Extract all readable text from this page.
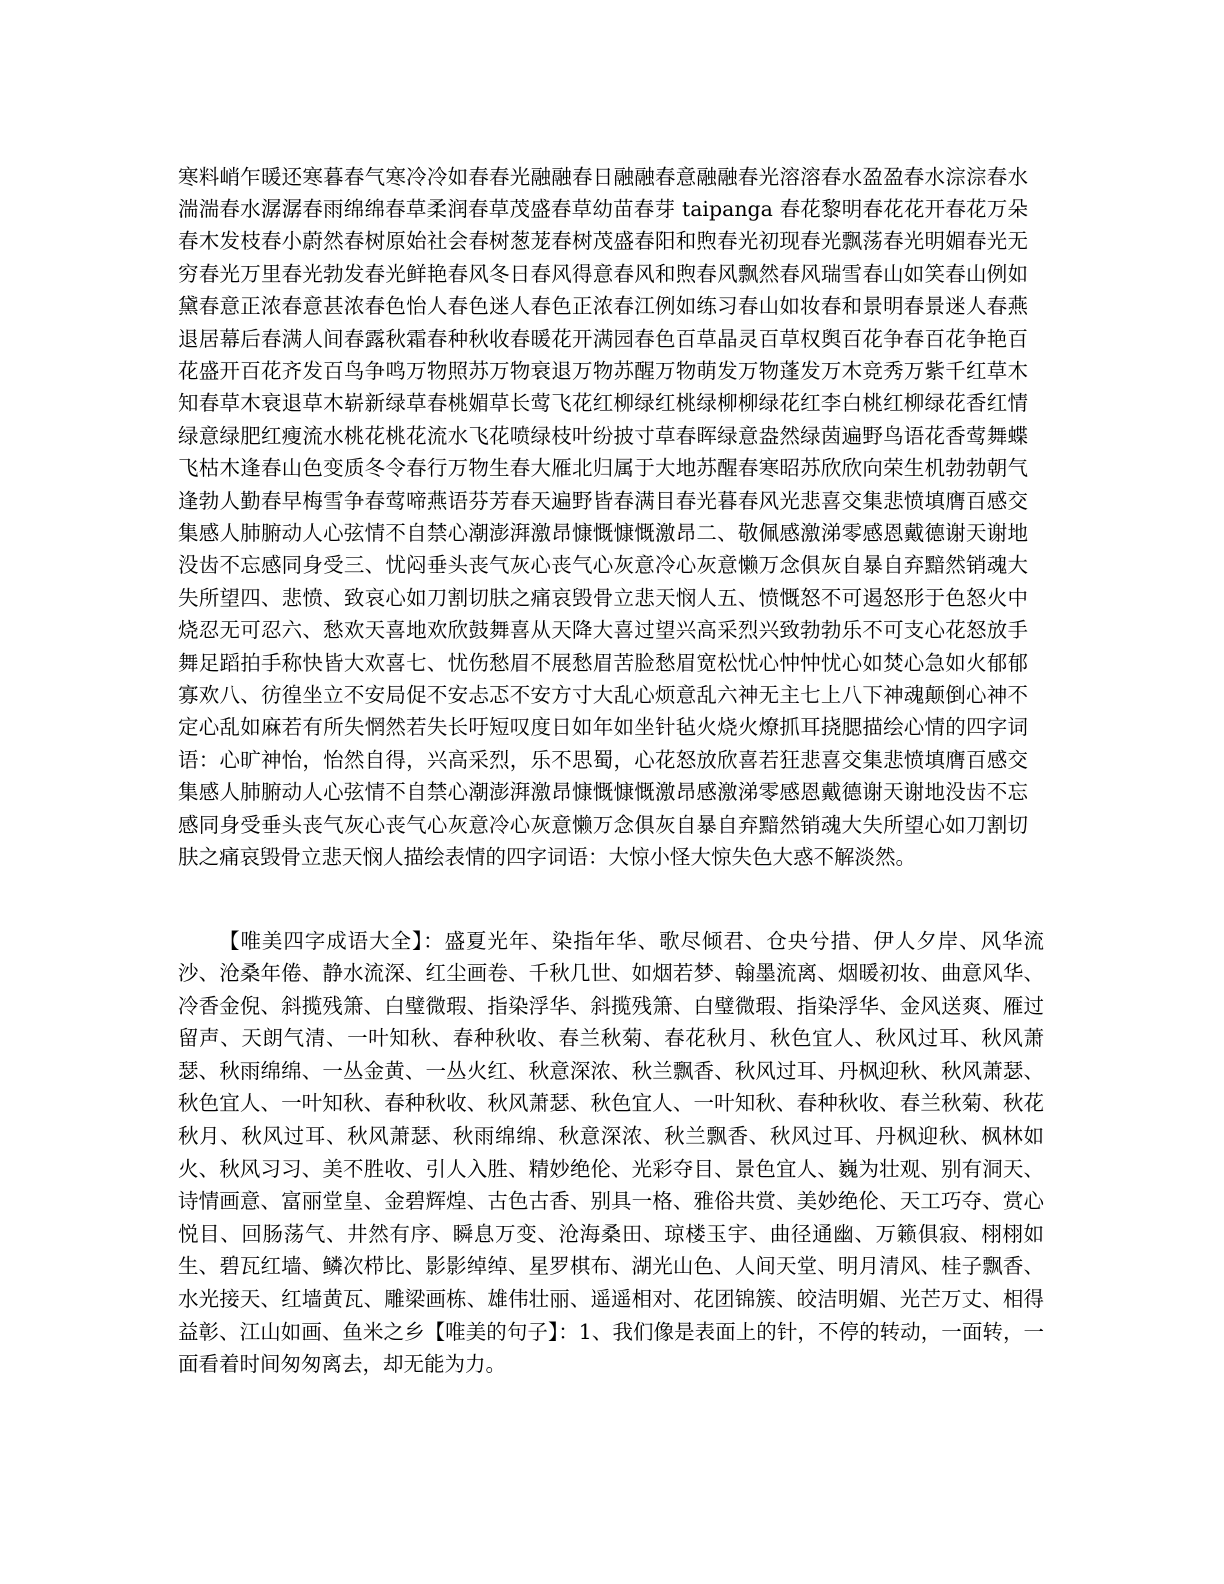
寒料峭乍暖还寒暮春气寒冷冷如春春光融融春日融融春意融融春光溶溶春水盈盈春水淙淙春水湍湍春水潺潺春雨绵绵春草柔润春草茂盛春草幼苗春芽 taipanga 春花黎明春花花开春花万朵春木发枝春小蔚然春树原始社会春树葱茏春树茂盛春阳和煦春光初现春光飘荡春光明媚春光无穷春光万里春光勃发春光鲜艳春风冬日春风得意春风和煦春风飘然春风瑞雪春山如笑春山例如黛春意正浓春意甚浓春色怡人春色迷人春色正浓春江例如练习春山如妆春和景明春景迷人春燕退居幕后春满人间春露秋霜春种秋收春暖花开满园春色百草晶灵百草权舆百花争春百花争艳百花盛开百花齐发百鸟争鸣万物照苏万物衰退万物苏醒万物萌发万物蓬发万木竞秀万紫千红草木知春草木衰退草木崭新绿草春桃媚草长莺飞花红柳绿红桃绿柳柳绿花红李白桃红柳绿花香红情绿意绿肥红瘦流水桃花桃花流水飞花喷绿枝叶纷披寸草春晖绿意盎然绿茵遍野鸟语花香莺舞蝶飞枯木逢春山色变质冬令春行万物生春大雁北归属于大地苏醒春寒昭苏欣欣向荣生机勃勃朝气逢勃人勤春早梅雪争春莺啼燕语芬芳春天遍野皆春满目春光暮春风光悲喜交集悲愤填膺百感交集感人肺腑动人心弦情不自禁心潮澎湃激昂慷慨慷慨激昂二、敬佩感激涕零感恩戴德谢天谢地没齿不忘感同身受三、忧闷垂头丧气灰心丧气心灰意冷心灰意懒万念俱灰自暴自弃黯然销魂大失所望四、悲愤、致哀心如刀割切肤之痛哀毁骨立悲天悯人五、愤慨怒不可遏怒形于色怒火中烧忍无可忍六、愁欢天喜地欢欣鼓舞喜从天降大喜过望兴高采烈兴致勃勃乐不可支心花怒放手舞足蹈拍手称快皆大欢喜七、忧伤愁眉不展愁眉苦脸愁眉宽松忧心忡忡忧心如焚心急如火郁郁寡欢八、彷徨坐立不安局促不安忐忑不安方寸大乱心烦意乱六神无主七上八下神魂颠倒心神不定心乱如麻若有所失惘然若失长吁短叹度日如年如坐针毡火烧火燎抓耳挠腮描绘心情的四字词语：心旷神怡，怡然自得，兴高采烈，乐不思蜀，心花怒放欣喜若狂悲喜交集悲愤填膺百感交集感人肺腑动人心弦情不自禁心潮澎湃激昂慷慨慷慨激昂感激涕零感恩戴德谢天谢地没齿不忘感同身受垂头丧气灰心丧气心灰意冷心灰意懒万念俱灰自暴自弃黯然销魂大失所望心如刀割切肤之痛哀毁骨立悲天悯人描绘表情的四字词语：大惊小怪大惊失色大惑不解淡然。

【唯美四字成语大全】：盛夏光年、染指年华、歌尽倾君、仓央兮措、伊人夕岸、风华流沙、沧桑年倦、静水流深、红尘画卷、千秋几世、如烟若梦、翰墨流离、烟暖初妆、曲意风华、冷香金倪、斜揽残箫、白璧微瑕、指染浮华、斜揽残箫、白璧微瑕、指染浮华、金风送爽、雁过留声、天朗气清、一叶知秋、春种秋收、春兰秋菊、春花秋月、秋色宜人、秋风过耳、秋风萧瑟、秋雨绵绵、一丛金黄、一丛火红、秋意深浓、秋兰飘香、秋风过耳、丹枫迎秋、秋风萧瑟、秋色宜人、一叶知秋、春种秋收、秋风萧瑟、秋色宜人、一叶知秋、春种秋收、春兰秋菊、秋花秋月、秋风过耳、秋风萧瑟、秋雨绵绵、秋意深浓、秋兰飘香、秋风过耳、丹枫迎秋、枫林如火、秋风习习、美不胜收、引人入胜、精妙绝伦、光彩夺目、景色宜人、巍为壮观、别有洞天、诗情画意、富丽堂皇、金碧辉煌、古色古香、别具一格、雅俗共赏、美妙绝伦、天工巧夺、赏心悦目、回肠荡气、井然有序、瞬息万变、沧海桑田、琼楼玉宇、曲径通幽、万籁俱寂、栩栩如生、碧瓦红墙、鳞次栉比、影影绰绰、星罗棋布、湖光山色、人间天堂、明月清风、桂子飘香、水光接天、红墙黄瓦、雕梁画栋、雄伟壮丽、遥遥相对、花团锦簇、皎洁明媚、光芒万丈、相得益彰、江山如画、鱼米之乡【唯美的句子】：1、我们像是表面上的针，不停的转动，一面转，一面看着时间匆匆离去，却无能为力。
